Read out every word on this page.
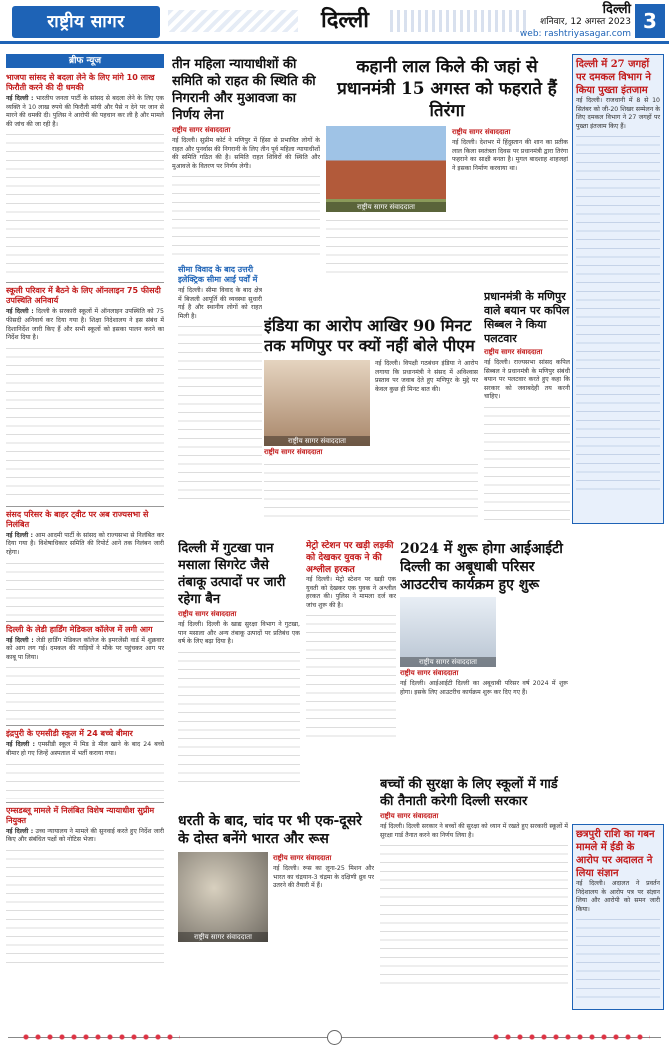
राष्ट्रीय सागर	दिल्ली	दिल्ली
शनिवार, 12 अगस्त 2023
web: rashtriyasagar.com
3
ब्रीफ न्यूज
भाजपा सांसद से बदला लेने के लिए मांगे 10 लाख फिरौती करने की दी धमकी
नई दिल्ली : भारतीय जनता पार्टी के सांसद से बदला लेने के लिए एक व्यक्ति ने 10 लाख रुपये की फिरौती मांगी और पैसे न देने पर जान से मारने की धमकी दी। पुलिस ने आरोपी की पहचान कर ली है और मामले की जांच की जा रही है।
स्कूली परिवार में बैठने के लिए ऑनलाइन 75 फीसदी उपस्थिति अनिवार्य
नई दिल्ली : दिल्ली के सरकारी स्कूलों में ऑनलाइन उपस्थिति को 75 फीसदी अनिवार्य कर दिया गया है। शिक्षा निदेशालय ने इस संबंध में दिशानिर्देश जारी किए हैं और सभी स्कूलों को इसका पालन करने का निर्देश दिया है।
संसद परिसर के बाहर ट्वीट पर अब राज्यसभा से निलंबित
नई दिल्ली : आम आदमी पार्टी के सांसद को राज्यसभा से निलंबित कर दिया गया है। विशेषाधिकार समिति की रिपोर्ट आने तक निलंबन जारी रहेगा।
दिल्ली के लेडी हार्डिंग मेडिकल कॉलेज में लगी आग
नई दिल्ली : लेडी हार्डिंग मेडिकल कॉलेज के इमरजेंसी वार्ड में शुक्रवार को आग लग गई। दमकल की गाड़ियों ने मौके पर पहुंचकर आग पर काबू पा लिया।
इंद्रपुरी के एमसीडी स्कूल में 24 बच्चे बीमार
नई दिल्ली : एमसीडी स्कूल में मिड डे मील खाने के बाद 24 बच्चे बीमार हो गए जिन्हें अस्पताल में भर्ती कराया गया।
एम्सडब्लू मामले में निलंबित विशेष न्यायाधीश सुप्रीम नियुक्त
नई दिल्ली : उच्च न्यायालय ने मामले की सुनवाई करते हुए निर्देश जारी किए और संबंधित पक्षों को नोटिस भेजा।
तीन महिला न्यायाधीशों की समिति को राहत की स्थिति की निगरानी और मुआवजा का निर्णय लेना
राष्ट्रीय सागर संवाददाता
नई दिल्ली। सुप्रीम कोर्ट ने मणिपुर में हिंसा से प्रभावित लोगों के राहत और पुनर्वास की निगरानी के लिए तीन पूर्व महिला न्यायाधीशों की समिति गठित की है। समिति राहत शिविरों की स्थिति और मुआवजे के वितरण पर निर्णय लेगी।
कहानी लाल किले की जहां से प्रधानमंत्री 15 अगस्त को फहराते हैं तिरंगा
राष्ट्रीय सागर संवाददाता
राष्ट्रीय सागर संवाददाता
नई दिल्ली। देशभर में हिंदुस्तान की शान का प्रतीक लाल किला स्वतंत्रता दिवस पर प्रधानमंत्री द्वारा तिरंगा फहराने का साक्षी बनता है। मुगल बादशाह शाहजहां ने इसका निर्माण करवाया था।
सीमा विवाद के बाद उत्तरी इलेक्ट्रिक सीमा आई पर्वों में
नई दिल्ली। सीमा विवाद के बाद क्षेत्र में बिजली आपूर्ति की व्यवस्था सुधारी गई है और स्थानीय लोगों को राहत मिली है।	इंडिया का आरोप आखिर 90 मिनट तक मणिपुर पर क्यों नहीं बोले पीएम
राष्ट्रीय सागर संवाददाता
नई दिल्ली। विपक्षी गठबंधन इंडिया ने आरोप लगाया कि प्रधानमंत्री ने संसद में अविश्वास प्रस्ताव पर जवाब देते हुए मणिपुर के मुद्दे पर केवल कुछ ही मिनट बात की।
राष्ट्रीय सागर संवाददाता
प्रधानमंत्री के मणिपुर वाले बयान पर कपिल सिब्बल ने किया पलटवार
राष्ट्रीय सागर संवाददाता
नई दिल्ली। राज्यसभा सांसद कपिल सिब्बल ने प्रधानमंत्री के मणिपुर संबंधी बयान पर पलटवार करते हुए कहा कि सरकार को जवाबदेही तय करनी चाहिए।
दिल्ली में गुटखा पान मसाला सिगरेट जैसे तंबाकू उत्पादों पर जारी रहेगा बैन
राष्ट्रीय सागर संवाददाता
नई दिल्ली। दिल्ली के खाद्य सुरक्षा विभाग ने गुटखा, पान मसाला और अन्य तंबाकू उत्पादों पर प्रतिबंध एक वर्ष के लिए बढ़ा दिया है।
मेट्रो स्टेशन पर खड़ी लड़की को देखकर युवक ने की अश्लील हरकत
नई दिल्ली। मेट्रो स्टेशन पर खड़ी एक युवती को देखकर एक युवक ने अश्लील हरकत की। पुलिस ने मामला दर्ज कर जांच शुरू की है।
2024 में शुरू होगा आईआईटी दिल्ली का अबूधाबी परिसर आउटरीच कार्यक्रम हुए शुरू
राष्ट्रीय सागर संवाददाता
राष्ट्रीय सागर संवाददाता
नई दिल्ली। आईआईटी दिल्ली का अबूधाबी परिसर वर्ष 2024 में शुरू होगा। इसके लिए आउटरीच कार्यक्रम शुरू कर दिए गए हैं।
धरती के बाद, चांद पर भी एक-दूसरे के दोस्त बनेंगे भारत और रूस
राष्ट्रीय सागर संवाददाता
राष्ट्रीय सागर संवाददाता
नई दिल्ली। रूस का लूना-25 मिशन और भारत का चंद्रयान-3 चंद्रमा के दक्षिणी ध्रुव पर उतरने की तैयारी में हैं।
बच्चों की सुरक्षा के लिए स्कूलों में गार्ड की तैनाती करेगी दिल्ली सरकार
राष्ट्रीय सागर संवाददाता
नई दिल्ली। दिल्ली सरकार ने बच्चों की सुरक्षा को ध्यान में रखते हुए सरकारी स्कूलों में सुरक्षा गार्ड तैनात करने का निर्णय लिया है।
दिल्ली में 27 जगहों पर दमकल विभाग ने किया पुख्ता इंतजाम
नई दिल्ली। राजधानी में 8 से 10 सितंबर को जी-20 शिखर सम्मेलन के लिए दमकल विभाग ने 27 जगहों पर पुख्ता इंतजाम किए हैं।
छत्रपुरी राशि का गबन मामले में ईडी के आरोप पर अदालत ने लिया संज्ञान
नई दिल्ली। अदालत ने प्रवर्तन निदेशालय के आरोप पत्र पर संज्ञान लिया और आरोपी को समन जारी किया।
